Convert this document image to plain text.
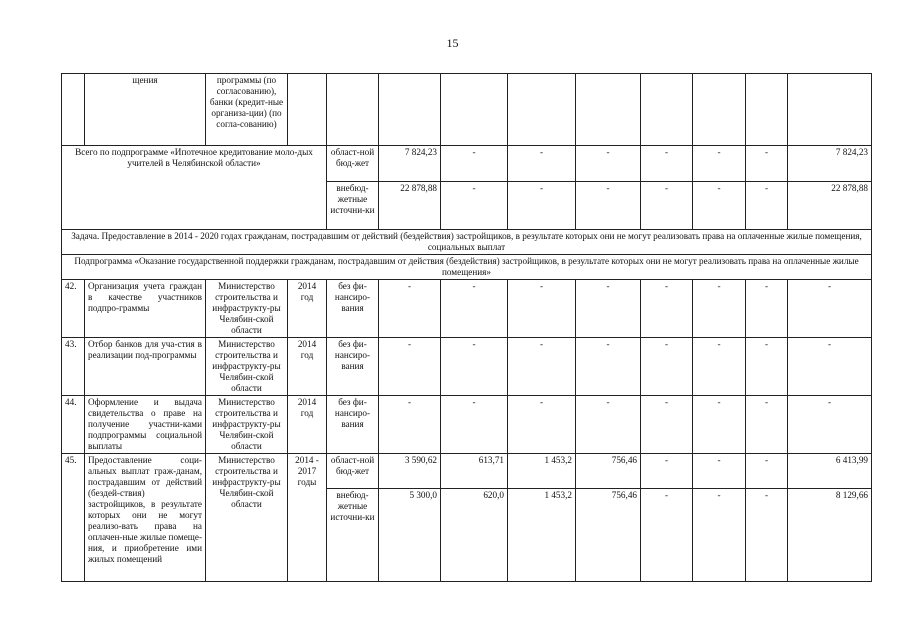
15
	щения	программы (по согласованию), банки (кредит-ные организа-ции) (по согла-сованию)										
Всего по подпрограмме «Ипотечное кредитование моло-дых учителей в Челябинской области»				област-ной бюд-жет	7 824,23	-	-	-	-	-	-	7 824,23
				внебюд-жетные источни-ки	22 878,88	-	-	-	-	-	-	22 878,88
Задача. Предоставление в 2014 - 2020 годах гражданам, пострадавшим от действий (бездействия) застройщиков, в результате которых они не могут реализовать права на оплаченные жилые помещения, социальных выплат												
Подпрограмма «Оказание государственной поддержки гражданам, пострадавшим от действия (бездействия) застройщиков, в результате которых они не могут реализовать права на оплаченные жилые помещения»												
42.	Организация учета граждан в качестве участников подпро-граммы	Министерство строительства и инфраструкту-ры Челябин-ской области	2014 год	без фи-нансиро-вания	-	-	-	-	-	-	-	-
43.	Отбор банков для уча-стия в реализации под-программы	Министерство строительства и инфраструкту-ры Челябин-ской области	2014 год	без фи-нансиро-вания	-	-	-	-	-	-	-	-
44.	Оформление и выдача свидетельства о праве на получение участни-ками подпрограммы социальной выплаты	Министерство строительства и инфраструкту-ры Челябин-ской области	2014 год	без фи-нансиро-вания	-	-	-	-	-	-	-	-
45.	Предоставление соци-альных выплат граж-данам, пострадавшим от действий (бездей-ствия) застройщиков, в результате которых они не могут реализо-вать права на оплачен-ные жилые помеще-ния, и приобретение ими жилых помещений	Министерство строительства и инфраструкту-ры Челябин-ской области	2014 - 2017 годы	област-ной бюд-жет	3 590,62	613,71	1 453,2	756,46	-	-	-	6 413,99
				внебюд-жетные источни-ки	5 300,0	620,0	1 453,2	756,46	-	-	-	8 129,66
